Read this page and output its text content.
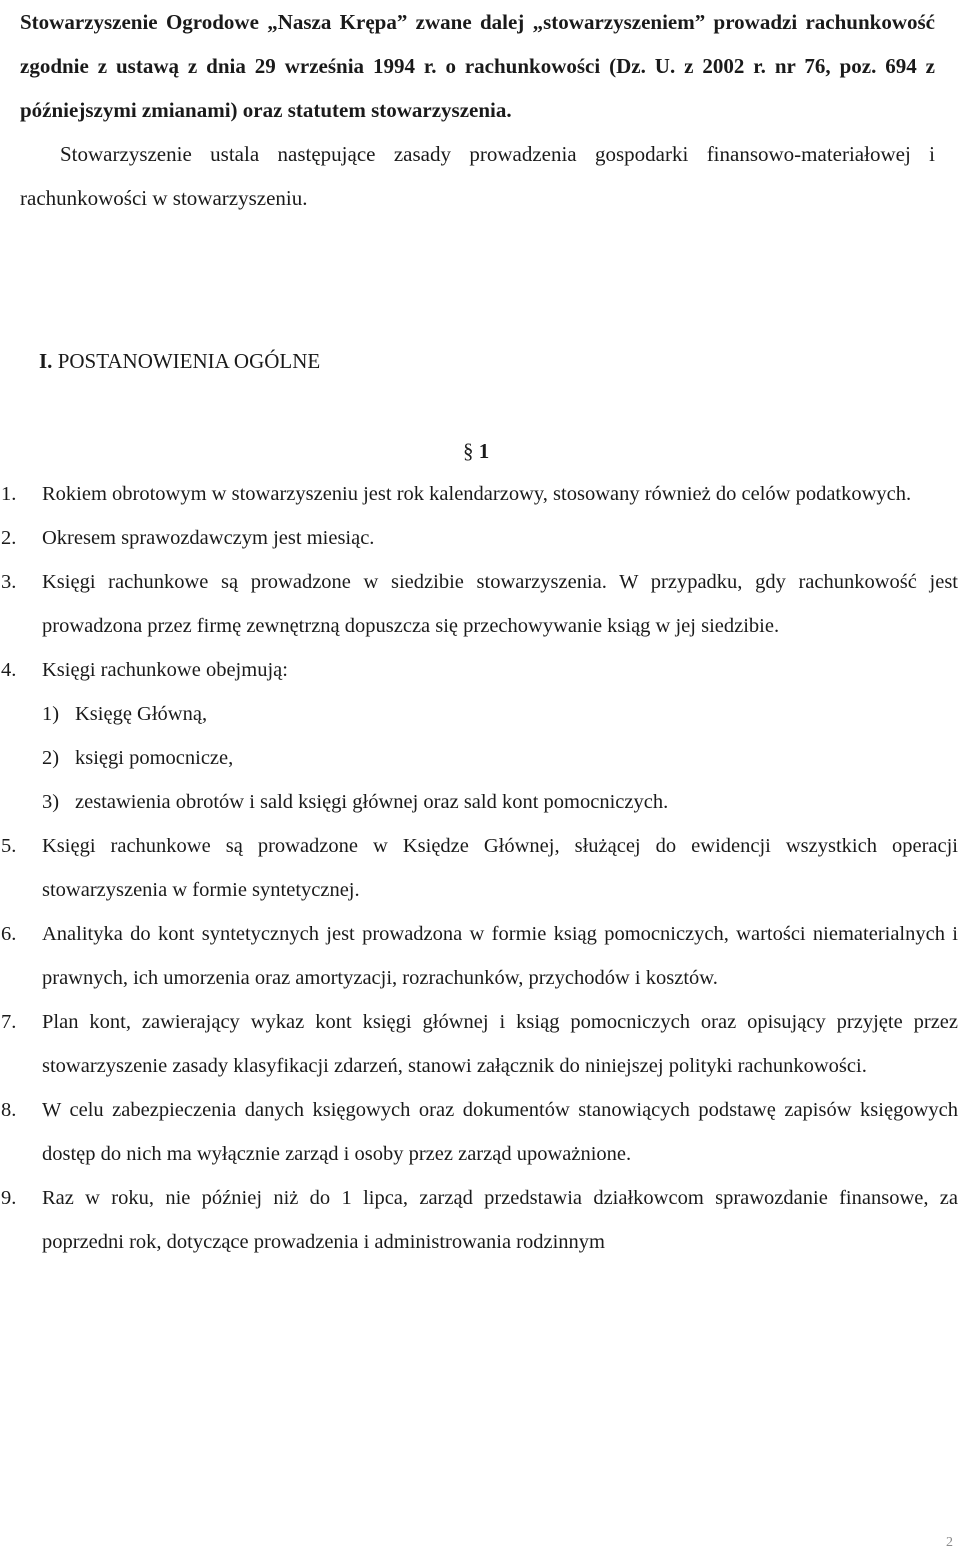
Stowarzyszenie Ogrodowe „Nasza Krępa” zwane dalej „stowarzyszeniem” prowadzi rachunkowość zgodnie z ustawą z dnia 29 września 1994 r. o rachunkowości (Dz. U. z 2002 r. nr 76, poz. 694 z późniejszymi zmianami) oraz statutem stowarzyszenia.

Stowarzyszenie ustala następujące zasady prowadzenia gospodarki finansowo-materiałowej i rachunkowości w stowarzyszeniu.

I. POSTANOWIENIA OGÓLNE
§ 1
1. Rokiem obrotowym w stowarzyszeniu jest rok kalendarzowy, stosowany również do celów podatkowych.
2. Okresem sprawozdawczym jest miesiąc.
3. Księgi rachunkowe są prowadzone w siedzibie stowarzyszenia. W przypadku, gdy rachunkowość jest prowadzona przez firmę zewnętrzną dopuszcza się przechowywanie ksiąg w jej siedzibie.
4. Księgi rachunkowe obejmują:
1) Księgę Główną,
2) księgi pomocnicze,
3) zestawienia obrotów i sald księgi głównej oraz sald kont pomocniczych.
5. Księgi rachunkowe są prowadzone w Księdze Głównej, służącej do ewidencji wszystkich operacji stowarzyszenia w formie syntetycznej.
6. Analityka do kont syntetycznych jest prowadzona w formie ksiąg pomocniczych, wartości niematerialnych i prawnych, ich umorzenia oraz amortyzacji, rozrachunków, przychodów i kosztów.
7. Plan kont, zawierający wykaz kont księgi głównej i ksiąg pomocniczych oraz opisujący przyjęte przez stowarzyszenie zasady klasyfikacji zdarzeń, stanowi załącznik do niniejszej polityki rachunkowości.
8. W celu zabezpieczenia danych księgowych oraz dokumentów stanowiących podstawę zapisów księgowych dostęp do nich ma wyłącznie zarząd i osoby przez zarząd upoważnione.
9. Raz w roku, nie później niż do 1 lipca, zarząd przedstawia działkowcom sprawozdanie finansowe, za poprzedni rok, dotyczące prowadzenia i administrowania rodzinnym
2
